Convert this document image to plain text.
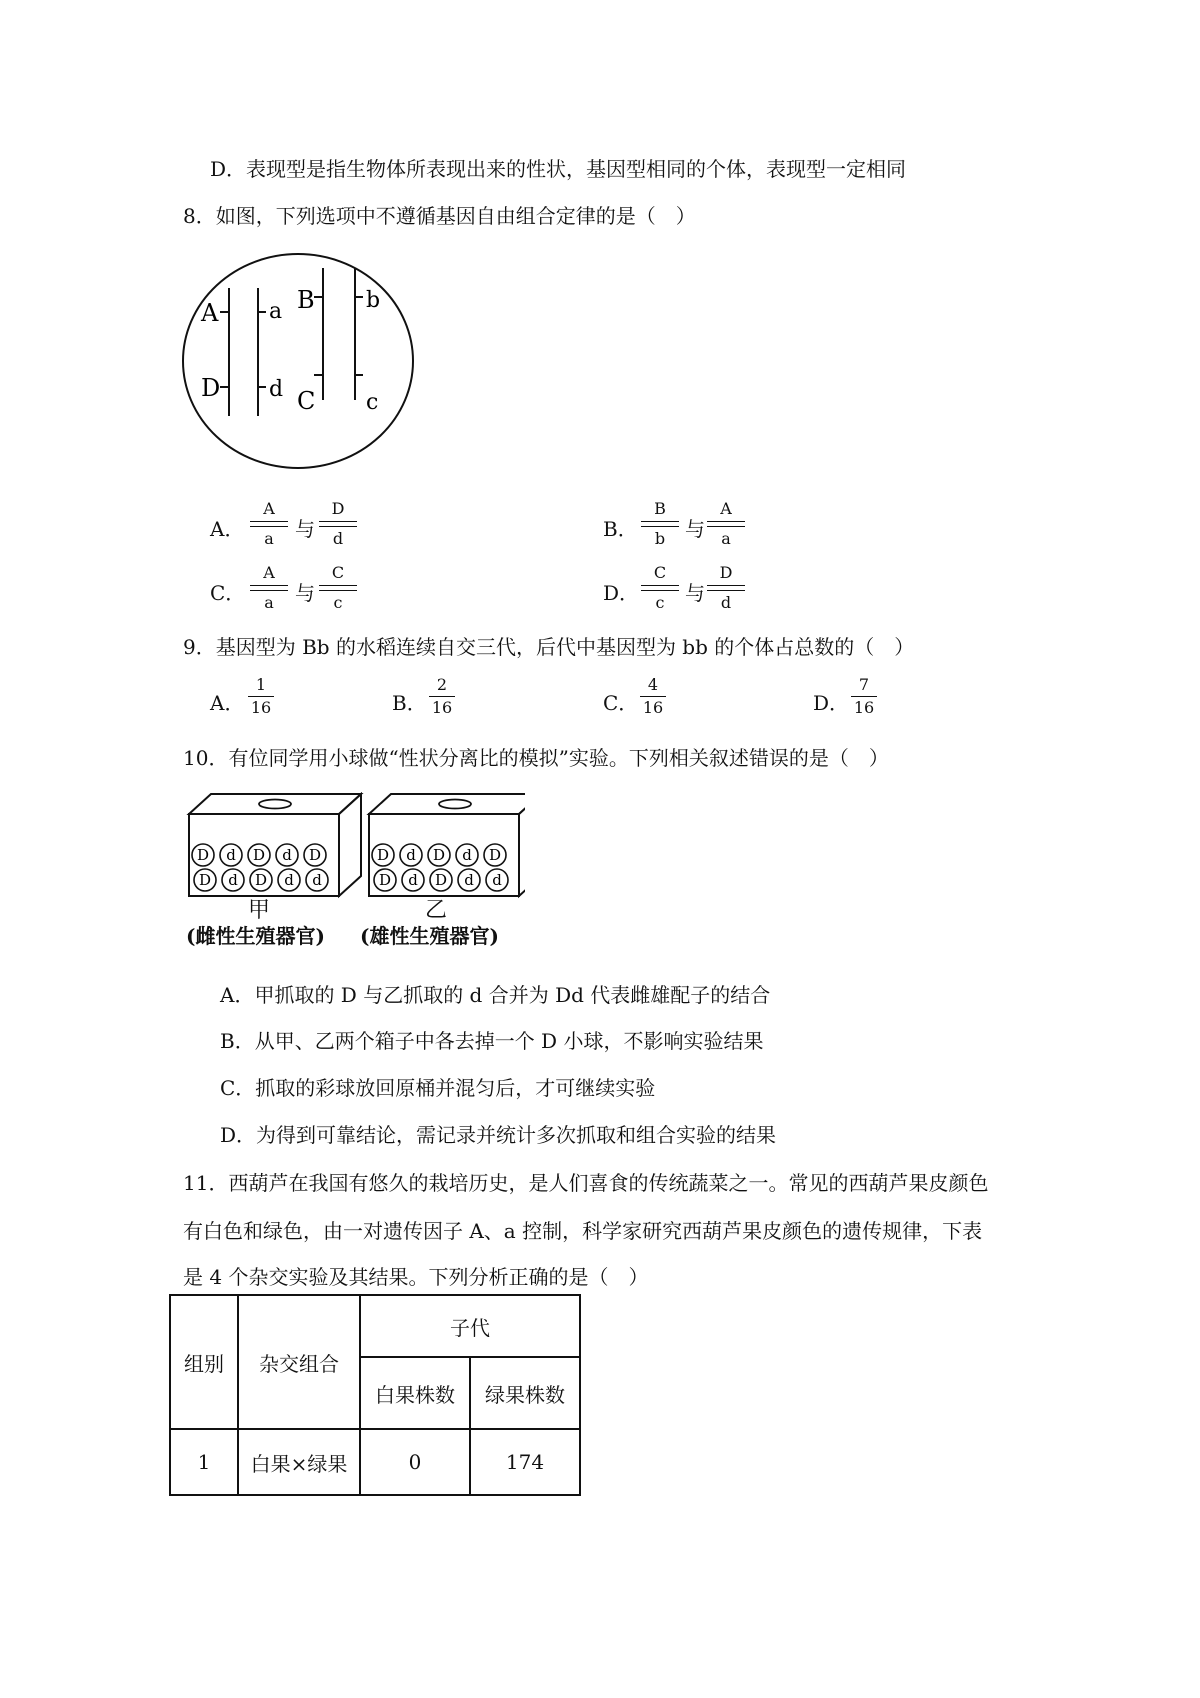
D．表现型是指生物体所表现出来的性状，基因型相同的个体，表现型一定相同
8．如图，下列选项中不遵循基因自由组合定律的是（　）
A a
D d
B b
C c
A．
A
a	与
D
d	B．
B
b 与
A
a
C．
A
a	与
C
c	D．
C
c	与
D
d
9．基因型为 Bb 的水稻连续自交三代，后代中基因型为 bb 的个体占总数的（　）
A．
1
16	B．
2
16	C．
4
16	D．
7
16
10．有位同学用小球做“性状分离比的模拟”实验。下列相关叙述错误的是（　）
D d D d D
D d D d d
D d D d D
D d D d d
甲	乙
(雌性生殖器官) (雄性生殖器官)
A．甲抓取的 D 与乙抓取的 d 合并为 Dd 代表雌雄配子的结合
B．从甲、乙两个箱子中各去掉一个 D 小球，不影响实验结果
C．抓取的彩球放回原桶并混匀后，才可继续实验
D．为得到可靠结论，需记录并统计多次抓取和组合实验的结果
11．西葫芦在我国有悠久的栽培历史，是人们喜食的传统蔬菜之一。常见的西葫芦果皮颜色
有白色和绿色，由一对遗传因子 A、a 控制，科学家研究西葫芦果皮颜色的遗传规律，下表
是 4 个杂交实验及其结果。下列分析正确的是（　）
组别	杂交组合	子代	
		白果株数	绿果株数
1	白果×绿果	0	174
